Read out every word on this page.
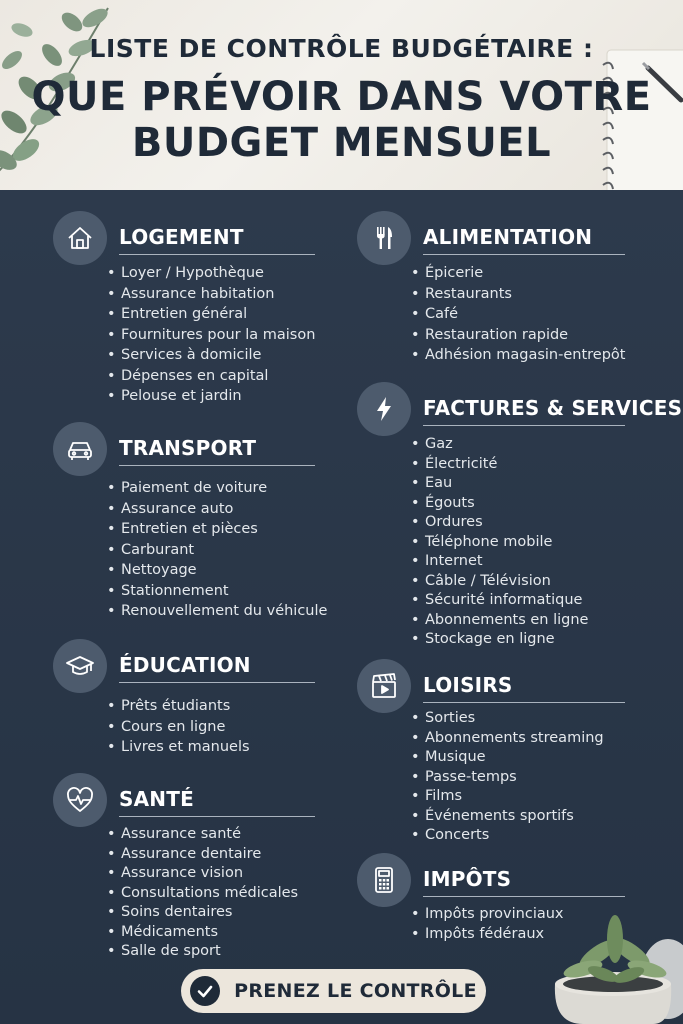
LISTE DE CONTRÔLE BUDGÉTAIRE :
QUE PRÉVOIR DANS VOTRE
BUDGET MENSUEL
LOGEMENT
• Loyer / Hypothèque
• Assurance habitation
• Entretien général
• Fournitures pour la maison
• Services à domicile
• Dépenses en capital
• Pelouse et jardin
TRANSPORT
• Paiement de voiture
• Assurance auto
• Entretien et pièces
• Carburant
• Nettoyage
• Stationnement
• Renouvellement du véhicule
ÉDUCATION
• Prêts étudiants
• Cours en ligne
• Livres et manuels
SANTÉ
• Assurance santé
• Assurance dentaire
• Assurance vision
• Consultations médicales
• Soins dentaires
• Médicaments
• Salle de sport
ALIMENTATION
• Épicerie
• Restaurants
• Café
• Restauration rapide
• Adhésion magasin-entrepôt
FACTURES & SERVICES
• Gaz
• Électricité
• Eau
• Égouts
• Ordures
• Téléphone mobile
• Internet
• Câble / Télévision
• Sécurité informatique
• Abonnements en ligne
• Stockage en ligne
LOISIRS
• Sorties
• Abonnements streaming
• Musique
• Passe-temps
• Films
• Événements sportifs
• Concerts
IMPÔTS
• Impôts provinciaux
• Impôts fédéraux
PRENEZ LE CONTRÔLE
